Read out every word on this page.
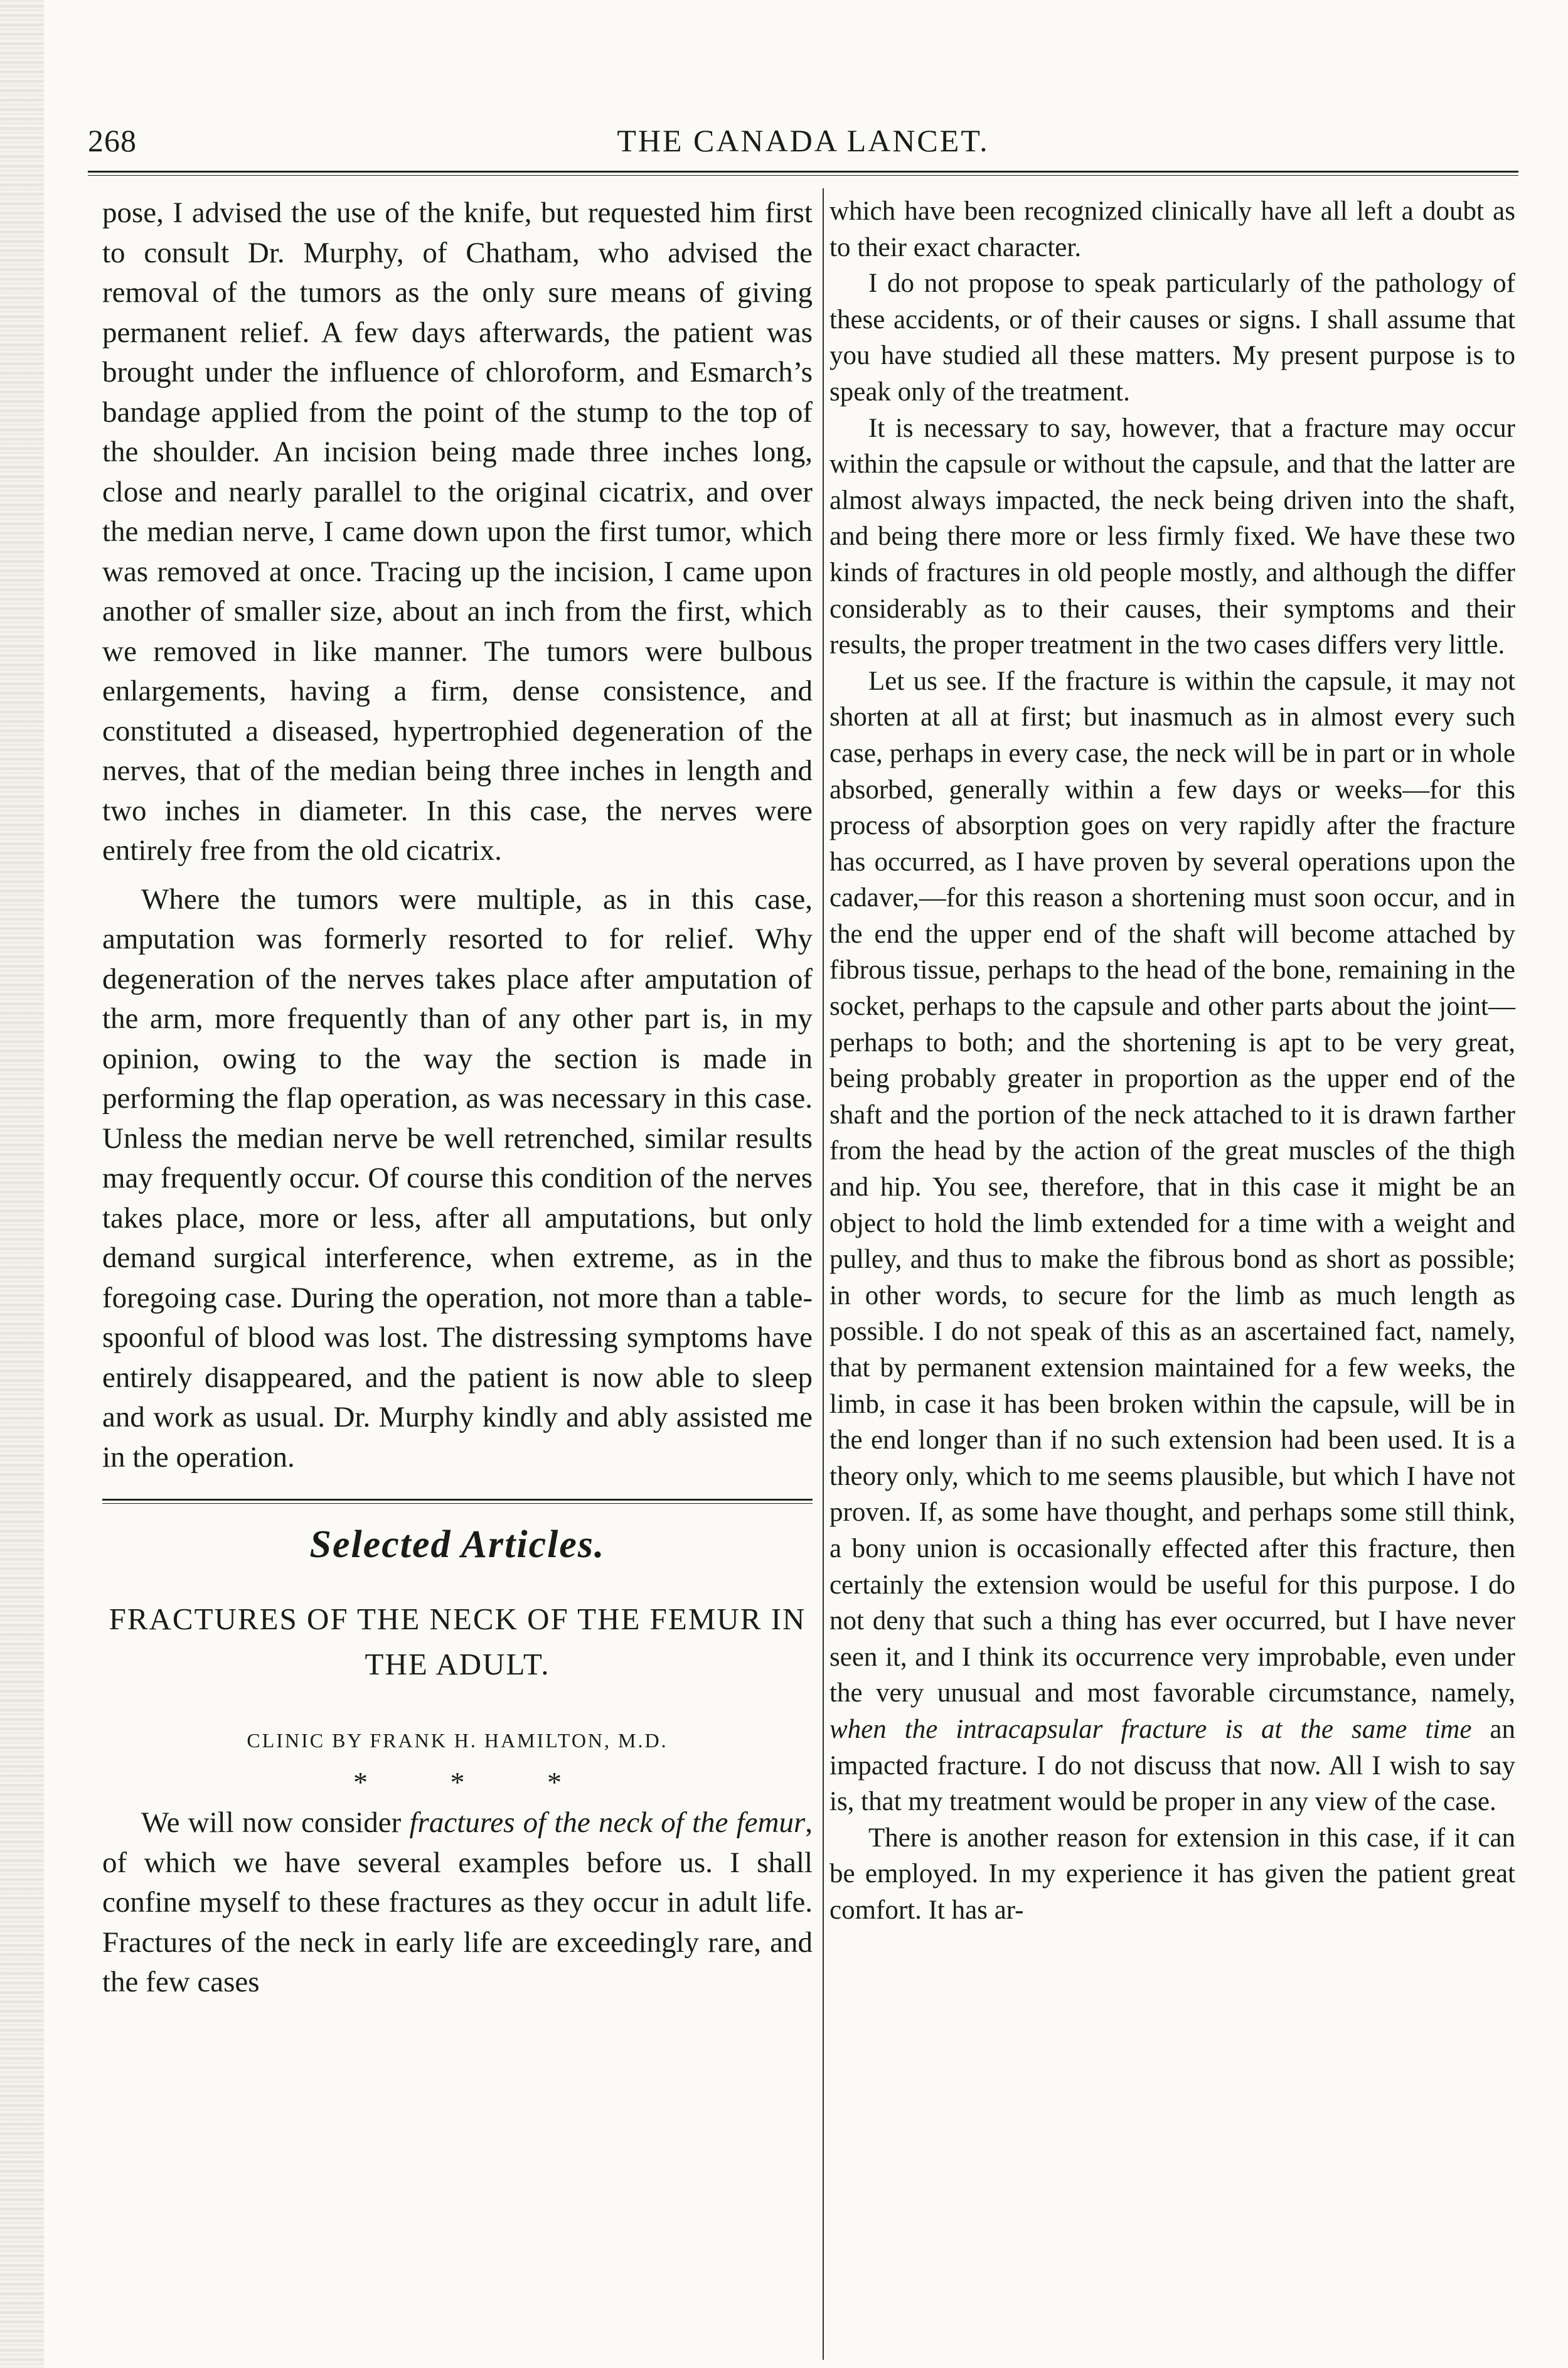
268	THE CANADA LANCET.

pose, I advised the use of the knife, but requested him first to consult Dr. Murphy, of Chatham, who advised the removal of the tumors as the only sure means of giving permanent relief. A few days afterwards, the patient was brought under the influence of chloroform, and Esmarch’s bandage applied from the point of the stump to the top of the shoulder. An incision being made three inches long, close and nearly parallel to the original cicatrix, and over the median nerve, I came down upon the first tumor, which was removed at once. Tracing up the incision, I came upon another of smaller size, about an inch from the first, which we removed in like manner. The tumors were bulbous enlargements, having a firm, dense consistence, and constituted a diseased, hypertrophied degeneration of the nerves, that of the median being three inches in length and two inches in diameter. In this case, the nerves were entirely free from the old cicatrix.

Where the tumors were multiple, as in this case, amputation was formerly resorted to for relief. Why degeneration of the nerves takes place after amputation of the arm, more frequently than of any other part is, in my opinion, owing to the way the section is made in performing the flap operation, as was necessary in this case. Unless the median nerve be well retrenched, similar results may frequently occur. Of course this condition of the nerves takes place, more or less, after all amputations, but only demand surgical interference, when extreme, as in the foregoing case. During the operation, not more than a table-spoonful of blood was lost. The distressing symptoms have entirely disappeared, and the patient is now able to sleep and work as usual. Dr. Murphy kindly and ably assisted me in the operation.

Selected Articles.
FRACTURES OF THE NECK OF THE FEMUR IN THE ADULT.
CLINIC BY FRANK H. HAMILTON, M.D.
* * *

We will now consider fractures of the neck of the femur, of which we have several examples before us. I shall confine myself to these fractures as they occur in adult life. Fractures of the neck in early life are exceedingly rare, and the few cases

which have been recognized clinically have all left a doubt as to their exact character.

I do not propose to speak particularly of the pathology of these accidents, or of their causes or signs. I shall assume that you have studied all these matters. My present purpose is to speak only of the treatment.

It is necessary to say, however, that a fracture may occur within the capsule or without the capsule, and that the latter are almost always impacted, the neck being driven into the shaft, and being there more or less firmly fixed. We have these two kinds of fractures in old people mostly, and although the differ considerably as to their causes, their symptoms and their results, the proper treatment in the two cases differs very little.

Let us see. If the fracture is within the capsule, it may not shorten at all at first; but inasmuch as in almost every such case, perhaps in every case, the neck will be in part or in whole absorbed, generally within a few days or weeks—for this process of absorption goes on very rapidly after the fracture has occurred, as I have proven by several operations upon the cadaver,—for this reason a shortening must soon occur, and in the end the upper end of the shaft will become attached by fibrous tissue, perhaps to the head of the bone, remaining in the socket, perhaps to the capsule and other parts about the joint—perhaps to both; and the shortening is apt to be very great, being probably greater in proportion as the upper end of the shaft and the portion of the neck attached to it is drawn farther from the head by the action of the great muscles of the thigh and hip. You see, therefore, that in this case it might be an object to hold the limb extended for a time with a weight and pulley, and thus to make the fibrous bond as short as possible; in other words, to secure for the limb as much length as possible. I do not speak of this as an ascertained fact, namely, that by permanent extension maintained for a few weeks, the limb, in case it has been broken within the capsule, will be in the end longer than if no such extension had been used. It is a theory only, which to me seems plausible, but which I have not proven. If, as some have thought, and perhaps some still think, a bony union is occasionally effected after this fracture, then certainly the extension would be useful for this purpose. I do not deny that such a thing has ever occurred, but I have never seen it, and I think its occurrence very improbable, even under the very unusual and most favorable circumstance, namely, when the intracapsular fracture is at the same time an impacted fracture. I do not discuss that now. All I wish to say is, that my treatment would be proper in any view of the case.

There is another reason for extension in this case, if it can be employed. In my experience it has given the patient great comfort. It has ar-
